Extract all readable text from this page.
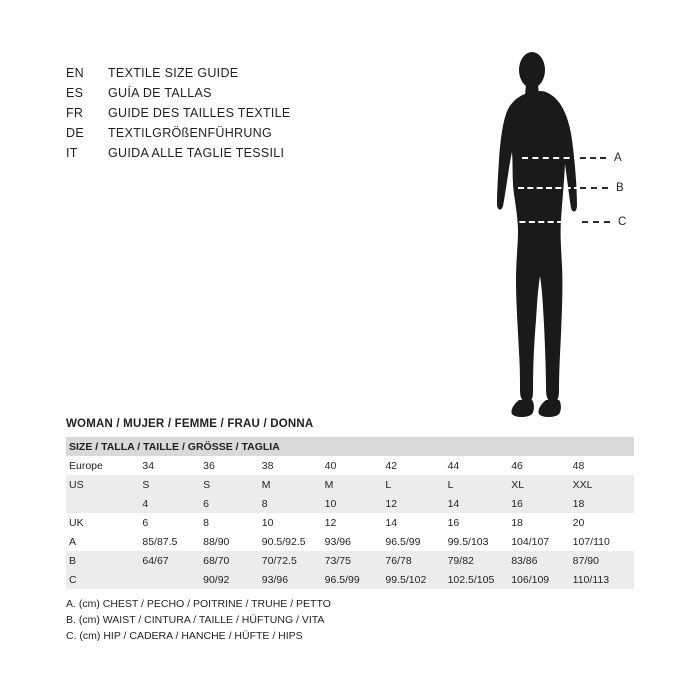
EN	TEXTILE SIZE GUIDE
ES	GUÍA DE TALLAS
FR	GUIDE DES TAILLES TEXTILE
DE	TEXTILGRÖßENFÜHRUNG
IT	GUIDA ALLE TAGLIE TESSILI	A
B
C
WOMAN / MUJER / FEMME / FRAU / DONNA
SIZE / TALLA / TAILLE / GRÖSSE / TAGLIA								
Europe	34	36	38	40	42	44	46	48
US	S	S	M	M	L	L	XL	XXL
	4	6	8	10	12	14	16	18
UK	6	8	10	12	14	16	18	20
A	85/87.5	88/90	90.5/92.5	93/96	96.5/99	99.5/103	104/107	107/110
B	64/67	68/70	70/72.5	73/75	76/78	79/82	83/86	87/90
C		90/92	93/96	96.5/99	99.5/102	102.5/105	106/109	110/113
A. (cm) CHEST / PECHO / POITRINE / TRUHE / PETTO
B. (cm) WAIST / CINTURA / TAILLE / HÜFTUNG / VITA
C. (cm) HIP / CADERA / HANCHE / HÜFTE / HIPS
